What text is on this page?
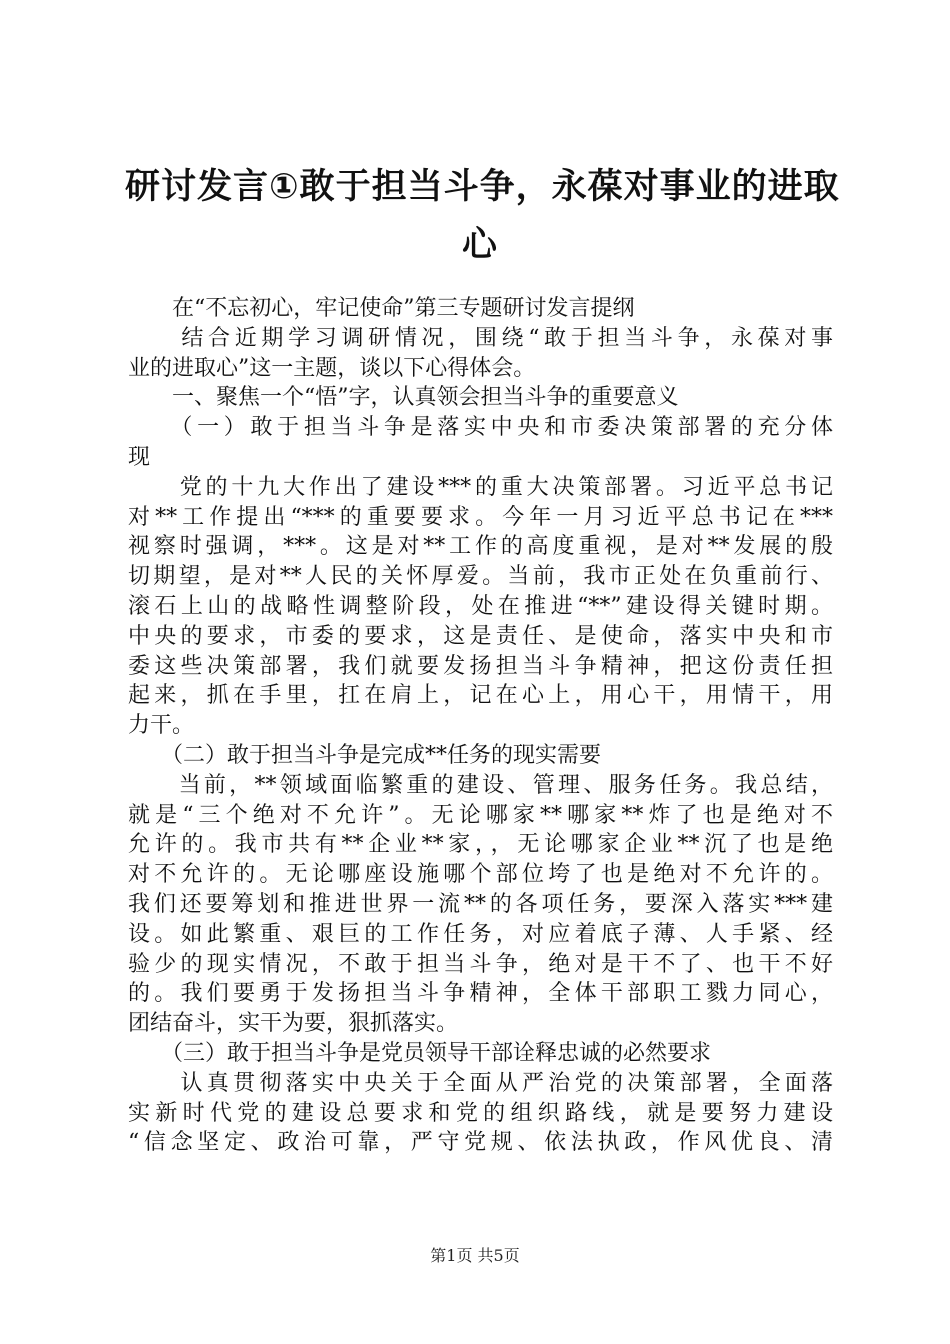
研讨发言①敢于担当斗争，永葆对事业的进取
心
　　在“不忘初心，牢记使命”第三专题研讨发言提纲
　　结合近期学习调研情况，围绕“敢于担当斗争，永葆对事
业的进取心”这一主题，谈以下心得体会。
　　一、聚焦一个“悟”字，认真领会担当斗争的重要意义
　　（一）敢于担当斗争是落实中央和市委决策部署的充分体
现
　　党的十九大作出了建设***的重大决策部署。习近平总书记
对**工作提出“***的重要要求。今年一月习近平总书记在***
视察时强调，***。这是对**工作的高度重视，是对**发展的殷
切期望，是对**人民的关怀厚爱。当前，我市正处在负重前行、
滚石上山的战略性调整阶段，处在推进“**”建设得关键时期。
中央的要求，市委的要求，这是责任、是使命，落实中央和市
委这些决策部署，我们就要发扬担当斗争精神，把这份责任担
起来，抓在手里，扛在肩上，记在心上，用心干，用情干，用
力干。
　　（二）敢于担当斗争是完成**任务的现实需要
　　当前，**领域面临繁重的建设、管理、服务任务。我总结，
就是“三个绝对不允许”。无论哪家**哪家**炸了也是绝对不
允许的。我市共有**企业**家，，无论哪家企业**沉了也是绝
对不允许的。无论哪座设施哪个部位垮了也是绝对不允许的。
我们还要筹划和推进世界一流**的各项任务，要深入落实***建
设。如此繁重、艰巨的工作任务，对应着底子薄、人手紧、经
验少的现实情况，不敢于担当斗争，绝对是干不了、也干不好
的。我们要勇于发扬担当斗争精神，全体干部职工戮力同心，
团结奋斗，实干为要，狠抓落实。
　　（三）敢于担当斗争是党员领导干部诠释忠诚的必然要求
　　认真贯彻落实中央关于全面从严治党的决策部署，全面落
实新时代党的建设总要求和党的组织路线，就是要努力建设
“信念坚定、政治可靠，严守党规、依法执政，作风优良、清
第1页 共5页
